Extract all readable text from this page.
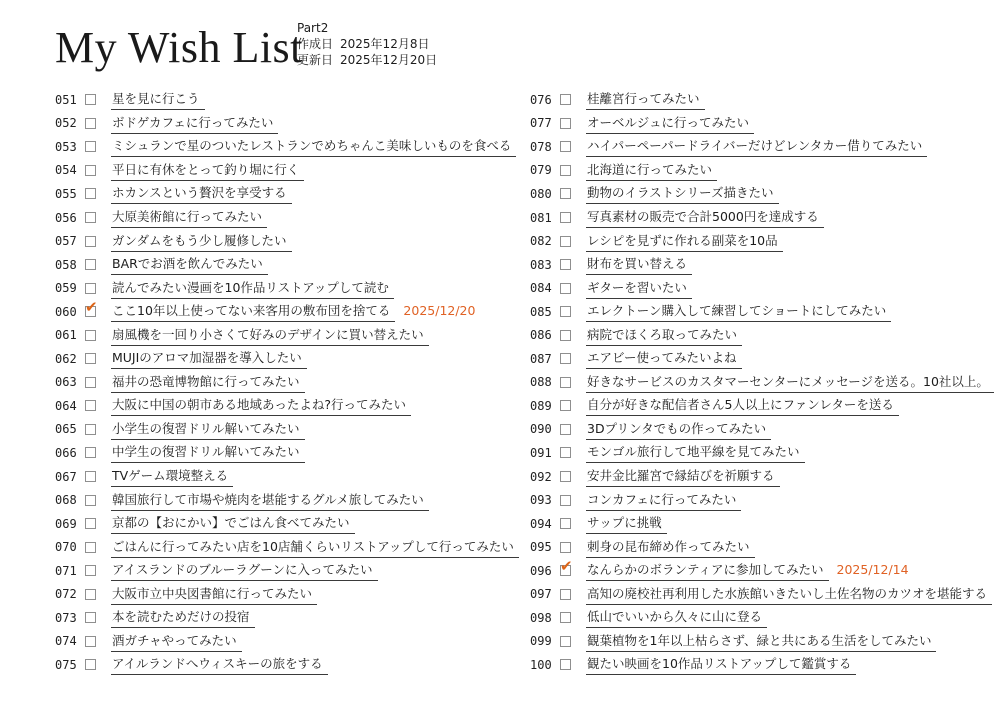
My Wish List
Part2
作成日 2025年12月8日
更新日 2025年12月20日
051	星を見に行こう
052	ボドゲカフェに行ってみたい
053	ミシュランで星のついたレストランでめちゃんこ美味しいものを食べる
054	平日に有休をとって釣り堀に行く
055	ホカンスという贅沢を享受する
056	大原美術館に行ってみたい
057	ガンダムをもう少し履修したい
058	BARでお酒を飲んでみたい
059	読んでみたい漫画を10作品リストアップして読む
060 ✔ ここ10年以上使ってない来客用の敷布団を捨てる	2025/12/20
061	扇風機を一回り小さくて好みのデザインに買い替えたい
062	MUJIのアロマ加湿器を導入したい
063	福井の恐竜博物館に行ってみたい
064	大阪に中国の朝市ある地域あったよね?行ってみたい
065	小学生の復習ドリル解いてみたい
066	中学生の復習ドリル解いてみたい
067	TVゲーム環境整える
068	韓国旅行して市場や焼肉を堪能するグルメ旅してみたい
069	京都の【おにかい】でごはん食べてみたい
070	ごはんに行ってみたい店を10店舗くらいリストアップして行ってみたい
071	アイスランドのブルーラグーンに入ってみたい
072	大阪市立中央図書館に行ってみたい
073	本を読むためだけの投宿
074	酒ガチャやってみたい
075	アイルランドへウィスキーの旅をする
076	桂離宮行ってみたい
077	オーベルジュに行ってみたい
078	ハイパーペーパードライバーだけどレンタカー借りてみたい
079	北海道に行ってみたい
080	動物のイラストシリーズ描きたい
081	写真素材の販売で合計5000円を達成する
082	レシピを見ずに作れる副菜を10品
083	財布を買い替える
084	ギターを習いたい
085	エレクトーン購入して練習してショートにしてみたい
086	病院でほくろ取ってみたい
087	エアビー使ってみたいよね
088	好きなサービスのカスタマーセンターにメッセージを送る。10社以上。
089	自分が好きな配信者さん5人以上にファンレターを送る
090	3Dプリンタでもの作ってみたい
091	モンゴル旅行して地平線を見てみたい
092	安井金比羅宮で縁結びを祈願する
093	コンカフェに行ってみたい
094	サップに挑戦
095	刺身の昆布締め作ってみたい
096 ✔ なんらかのボランティアに参加してみたい	2025/12/14
097	高知の廃校社再利用した水族館いきたいし土佐名物のカツオを堪能する
098	低山でいいから久々に山に登る
099	観葉植物を1年以上枯らさず、緑と共にある生活をしてみたい
100	観たい映画を10作品リストアップして鑑賞する
